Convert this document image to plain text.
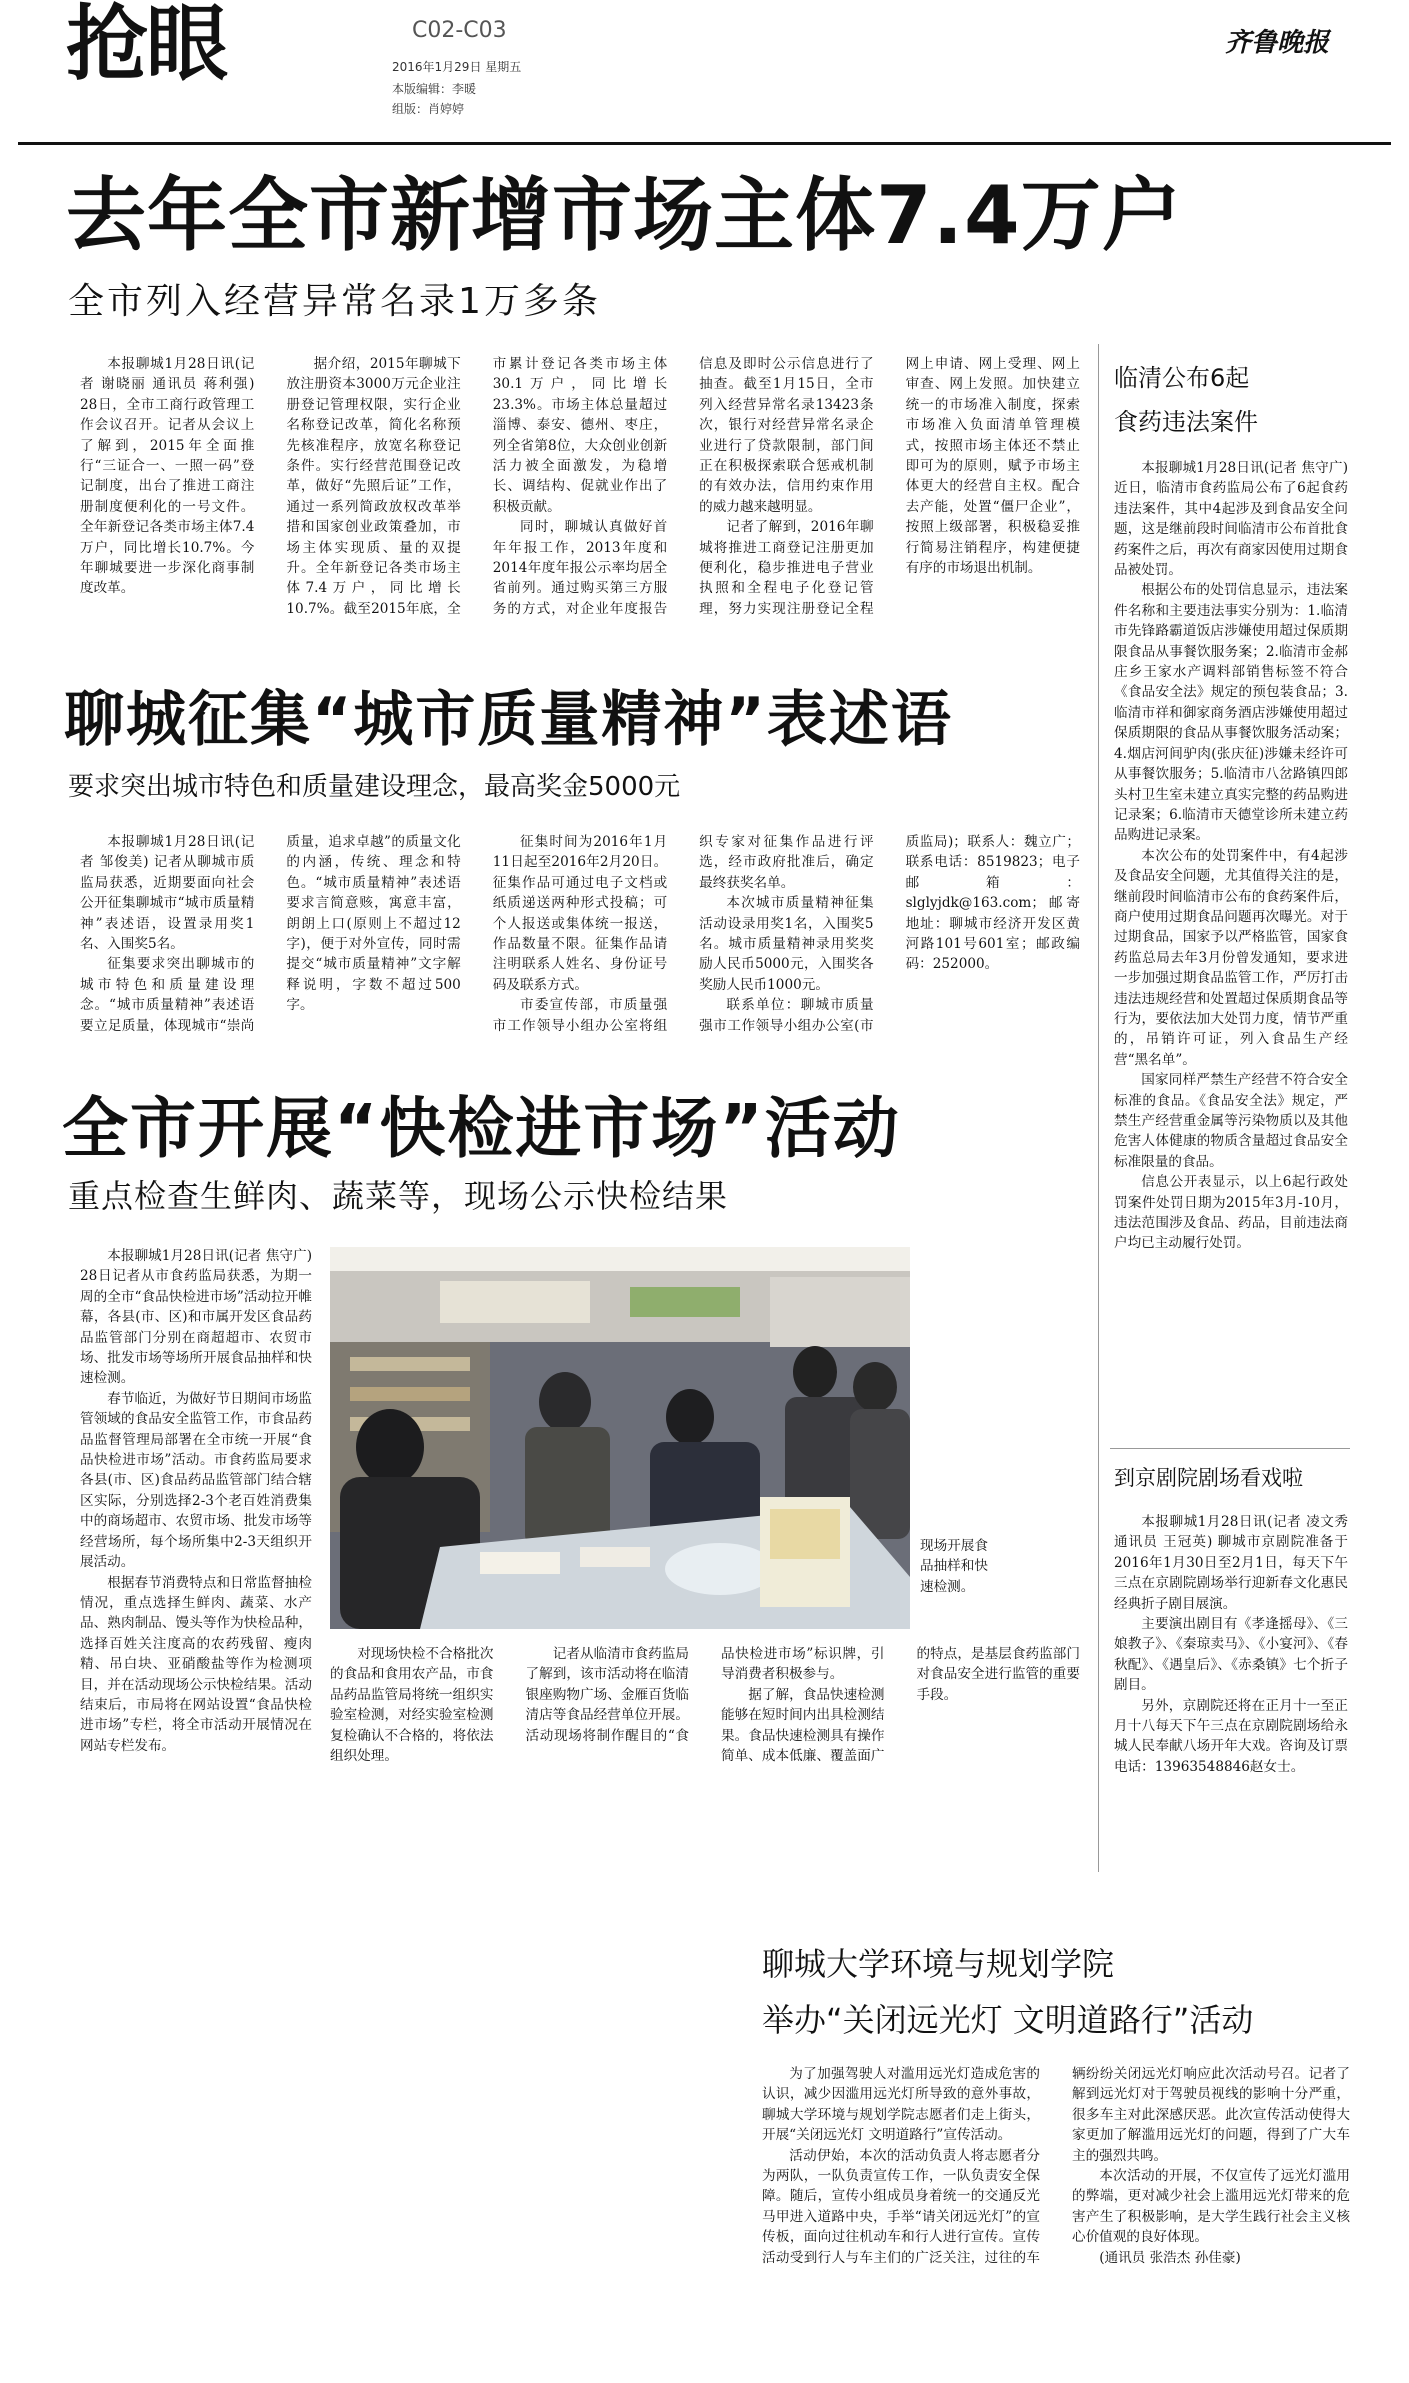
抢眼	C02-C03
2016年1月29日 星期五
本版编辑：李暖
组版：肖婷婷
齐鲁晚报
去年全市新增市场主体7.4万户
全市列入经营异常名录1万多条

本报聊城1月28日讯(记者 谢晓丽 通讯员 蒋利强) 28日，全市工商行政管理工作会议召开。记者从会议上了解到，2015年全面推行“三证合一、一照一码”登记制度，出台了推进工商注册制度便利化的一号文件。全年新登记各类市场主体7.4万户，同比增长10.7%。今年聊城要进一步深化商事制度改革。

据介绍，2015年聊城下放注册资本3000万元企业注册登记管理权限，实行企业名称登记改革，简化名称预先核准程序，放宽名称登记条件。实行经营范围登记改革，做好“先照后证”工作，通过一系列简政放权改革举措和国家创业政策叠加，市场主体实现质、量的双提升。全年新登记各类市场主体7.4万户，同比增长10.7%。截至2015年底，全市累计登记各类市场主体30.1万户，同比增长23.3%。市场主体总量超过淄博、泰安、德州、枣庄，列全省第8位，大众创业创新活力被全面激发，为稳增长、调结构、促就业作出了积极贡献。

同时，聊城认真做好首年年报工作，2013年度和2014年度年报公示率均居全省前列。通过购买第三方服务的方式，对企业年度报告信息及即时公示信息进行了抽查。截至1月15日，全市列入经营异常名录13423条次，银行对经营异常名录企业进行了贷款限制，部门间正在积极探索联合惩戒机制的有效办法，信用约束作用的威力越来越明显。

记者了解到，2016年聊城将推进工商登记注册更加便利化，稳步推进电子营业执照和全程电子化登记管理，努力实现注册登记全程网上申请、网上受理、网上审查、网上发照。加快建立统一的市场准入制度，探索市场准入负面清单管理模式，按照市场主体还不禁止即可为的原则，赋予市场主体更大的经营自主权。配合去产能，处置“僵尸企业”，按照上级部署，积极稳妥推行简易注销程序，构建便捷有序的市场退出机制。

聊城征集“城市质量精神”表述语
要求突出城市特色和质量建设理念，最高奖金5000元

本报聊城1月28日讯(记者 邹俊美) 记者从聊城市质监局获悉，近期要面向社会公开征集聊城市“城市质量精神”表述语，设置录用奖1名、入围奖5名。

征集要求突出聊城市的城市特色和质量建设理念。“城市质量精神”表述语要立足质量，体现城市“崇尚质量，追求卓越”的质量文化的内涵，传统、理念和特色。“城市质量精神”表述语要求言简意赅，寓意丰富，朗朗上口(原则上不超过12字)，便于对外宣传，同时需提交“城市质量精神”文字解释说明，字数不超过500字。

征集时间为2016年1月11日起至2016年2月20日。征集作品可通过电子文档或纸质递送两种形式投稿；可个人报送或集体统一报送，作品数量不限。征集作品请注明联系人姓名、身份证号码及联系方式。

市委宣传部，市质量强市工作领导小组办公室将组织专家对征集作品进行评选，经市政府批准后，确定最终获奖名单。

本次城市质量精神征集活动设录用奖1名，入围奖5名。城市质量精神录用奖奖励人民币5000元，入围奖各奖励人民币1000元。

联系单位：聊城市质量强市工作领导小组办公室(市质监局)；联系人：魏立广；联系电话：8519823；电子邮箱：slglyjdk@163.com；邮寄地址：聊城市经济开发区黄河路101号601室；邮政编码：252000。

全市开展“快检进市场”活动
重点检查生鲜肉、蔬菜等，现场公示快检结果

本报聊城1月28日讯(记者 焦守广) 28日记者从市食药监局获悉，为期一周的全市“食品快检进市场”活动拉开帷幕，各县(市、区)和市属开发区食品药品监管部门分别在商超超市、农贸市场、批发市场等场所开展食品抽样和快速检测。

春节临近，为做好节日期间市场监管领域的食品安全监管工作，市食品药品监督管理局部署在全市统一开展“食品快检进市场”活动。市食药监局要求各县(市、区)食品药品监管部门结合辖区实际，分别选择2-3个老百姓消费集中的商场超市、农贸市场、批发市场等经营场所，每个场所集中2-3天组织开展活动。

根据春节消费特点和日常监督抽检情况，重点选择生鲜肉、蔬菜、水产品、熟肉制品、馒头等作为快检品种，选择百姓关注度高的农药残留、瘦肉精、吊白块、亚硝酸盐等作为检测项目，并在活动现场公示快检结果。活动结束后，市局将在网站设置“食品快检进市场”专栏，将全市活动开展情况在网站专栏发布。

现场开展食品抽样和快速检测。

对现场快检不合格批次的食品和食用农产品，市食品药品监管局将统一组织实验室检测，对经实验室检测复检确认不合格的，将依法组织处理。

记者从临清市食药监局了解到，该市活动将在临清银座购物广场、金雁百货临清店等食品经营单位开展。活动现场将制作醒目的“食品快检进市场”标识牌，引导消费者积极参与。

据了解，食品快速检测能够在短时间内出具检测结果。食品快速检测具有操作简单、成本低廉、覆盖面广的特点，是基层食药监部门对食品安全进行监管的重要手段。

临清公布6起
食药违法案件

本报聊城1月28日讯(记者 焦守广) 近日，临清市食药监局公布了6起食药违法案件，其中4起涉及到食品安全问题，这是继前段时间临清市公布首批食药案件之后，再次有商家因使用过期食品被处罚。

根据公布的处罚信息显示，违法案件名称和主要违法事实分别为：1.临清市先锋路霸道饭店涉嫌使用超过保质期限食品从事餐饮服务案；2.临清市金郝庄乡王家水产调料部销售标签不符合《食品安全法》规定的预包装食品；3.临清市祥和御家商务酒店涉嫌使用超过保质期限的食品从事餐饮服务活动案；4.烟店河间驴肉(张庆征)涉嫌未经许可从事餐饮服务；5.临清市八岔路镇四郎头村卫生室未建立真实完整的药品购进记录案；6.临清市天德堂诊所未建立药品购进记录案。

本次公布的处罚案件中，有4起涉及食品安全问题，尤其值得关注的是，继前段时间临清市公布的食药案件后，商户使用过期食品问题再次曝光。对于过期食品，国家予以严格监管，国家食药监总局去年3月份曾发通知，要求进一步加强过期食品监管工作，严厉打击违法违规经营和处置超过保质期食品等行为，要依法加大处罚力度，情节严重的，吊销许可证，列入食品生产经营“黑名单”。

国家同样严禁生产经营不符合安全标准的食品。《食品安全法》规定，严禁生产经营重金属等污染物质以及其他危害人体健康的物质含量超过食品安全标准限量的食品。

信息公开表显示，以上6起行政处罚案件处罚日期为2015年3月-10月，违法范围涉及食品、药品，目前违法商户均已主动履行处罚。

到京剧院剧场看戏啦

本报聊城1月28日讯(记者 凌文秀 通讯员 王冠英) 聊城市京剧院准备于2016年1月30日至2月1日，每天下午三点在京剧院剧场举行迎新春文化惠民经典折子剧目展演。

主要演出剧目有《孝逢摇母》、《三娘教子》、《秦琼卖马》、《小宴河》、《春秋配》、《遇皇后》、《赤桑镇》七个折子剧目。

另外，京剧院还将在正月十一至正月十八每天下午三点在京剧院剧场给永城人民奉献八场开年大戏。咨询及订票电话：13963548846赵女士。

聊城大学环境与规划学院
举办“关闭远光灯 文明道路行”活动

为了加强驾驶人对滥用远光灯造成危害的认识，减少因滥用远光灯所导致的意外事故，聊城大学环境与规划学院志愿者们走上街头，开展“关闭远光灯 文明道路行”宣传活动。

活动伊始，本次的活动负责人将志愿者分为两队，一队负责宣传工作，一队负责安全保障。随后，宣传小组成员身着统一的交通反光马甲进入道路中央，手举“请关闭远光灯”的宣传板，面向过往机动车和行人进行宣传。宣传活动受到行人与车主们的广泛关注，过往的车辆纷纷关闭远光灯响应此次活动号召。记者了解到远光灯对于驾驶员视线的影响十分严重，很多车主对此深感厌恶。此次宣传活动使得大家更加了解滥用远光灯的问题，得到了广大车主的强烈共鸣。

本次活动的开展，不仅宣传了远光灯滥用的弊端，更对减少社会上滥用远光灯带来的危害产生了积极影响，是大学生践行社会主义核心价值观的良好体现。

(通讯员 张浩杰 孙佳豪)
